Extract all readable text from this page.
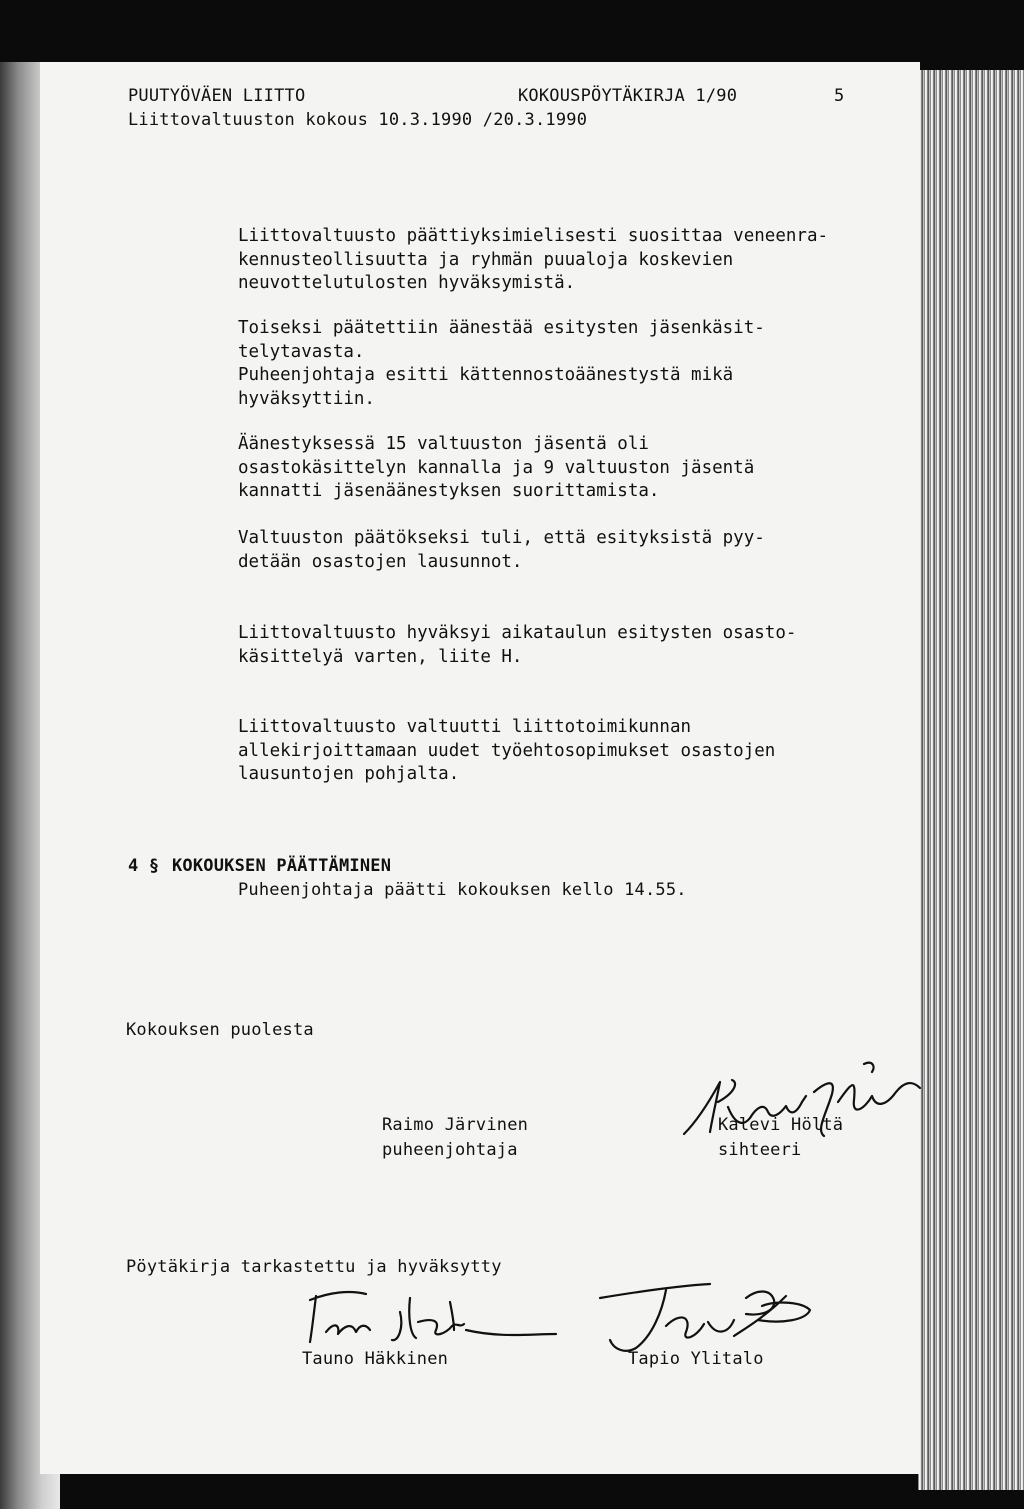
PUUTYÖVÄEN LIITTO	KOKOUSPÖYTÄKIRJA 1/90	5
Liittovaltuuston kokous 10.3.1990 /20.3.1990
Liittovaltuusto päättiyksimielisesti suosittaa veneenra-
kennusteollisuutta ja ryhmän puualoja koskevien
neuvottelutulosten hyväksymistä.
Toiseksi päätettiin äänestää esitysten jäsenkäsit-
telytavasta.
Puheenjohtaja esitti kättennostoäänestystä mikä
hyväksyttiin.
Äänestyksessä 15 valtuuston jäsentä oli
osastokäsittelyn kannalla ja 9 valtuuston jäsentä
kannatti jäsenäänestyksen suorittamista.
Valtuuston päätökseksi tuli, että esityksistä pyy-
detään osastojen lausunnot.
Liittovaltuusto hyväksyi aikataulun esitysten osasto-
käsittelyä varten, liite H.
Liittovaltuusto valtuutti liittotoimikunnan
allekirjoittamaan uudet työehtosopimukset osastojen
lausuntojen pohjalta.
4 § KOKOUKSEN PÄÄTTÄMINEN
Puheenjohtaja päätti kokouksen kello 14.55.
Kokouksen puolesta
Raimo Järvinen
puheenjohtaja
Kalevi Höltä
sihteeri
Pöytäkirja tarkastettu ja hyväksytty
Tauno Häkkinen	Tapio Ylitalo
